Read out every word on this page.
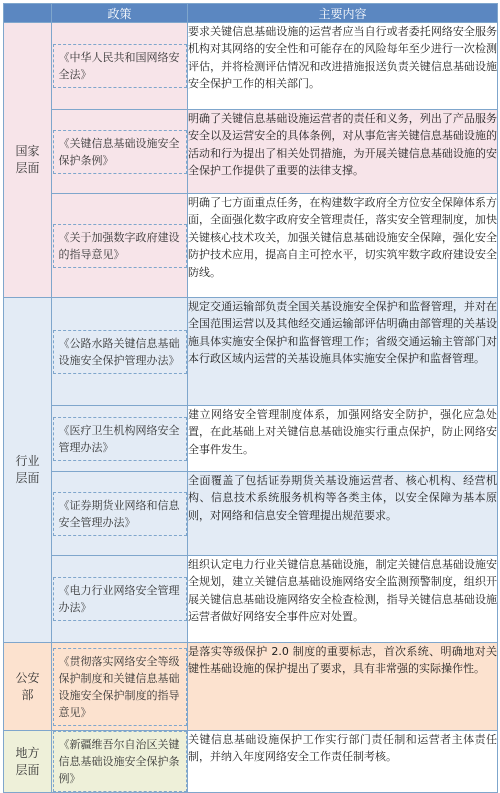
	政策	主要内容
国家层面	《中华人民共和国网络安全法》	要求关键信息基础设施的运营者应当自行或者委托网络安全服务机构对其网络的安全性和可能存在的风险每年至少进行一次检测评估，并将检测评估情况和改进措施报送负责关键信息基础设施安全保护工作的相关部门。
	《关键信息基础设施安全保护条例》	明确了关键信息基础设施运营者的责任和义务，列出了产品服务安全以及运营安全的具体条例，对从事危害关键信息基础设施的活动和行为提出了相关处罚措施，为开展关键信息基础设施的安全保护工作提供了重要的法律支撑。
	《关于加强数字政府建设的指导意见》	明确了七方面重点任务，在构建数字政府全方位安全保障体系方面，全面强化数字政府安全管理责任，落实安全管理制度，加快关键核心技术攻关，加强关键信息基础设施安全保障，强化安全防护技术应用，提高自主可控水平，切实筑牢数字政府建设安全防线。
行业层面	《公路水路关键信息基础设施安全保护管理办法》	规定交通运输部负责全国关基设施安全保护和监督管理，并对在全国范围运营以及其他经交通运输部评估明确由部管理的关基设施具体实施安全保护和监督管理工作；省级交通运输主管部门对本行政区域内运营的关基设施具体实施安全保护和监督管理。
	《医疗卫生机构网络安全管理办法》	建立网络安全管理制度体系，加强网络安全防护，强化应急处置，在此基础上对关键信息基础设施实行重点保护，防止网络安全事件发生。
	《证券期货业网络和信息安全管理办法》	全面覆盖了包括证券期货关基设施运营者、核心机构、经营机构、信息技术系统服务机构等各类主体，以安全保障为基本原则，对网络和信息安全管理提出规范要求。
	《电力行业网络安全管理办法》	组织认定电力行业关键信息基础设施，制定关键信息基础设施安全规划，建立关键信息基础设施网络安全监测预警制度，组织开展关键信息基础设施网络安全检查检测，指导关键信息基础设施运营者做好网络安全事件应对处置。
公安部	《贯彻落实网络安全等级保护制度和关键信息基础设施安全保护制度的指导意见》	是落实等级保护 2.0 制度的重要标志，首次系统、明确地对关键性基础设施的保护提出了要求，具有非常强的实际操作性。
地方层面	《新疆维吾尔自治区关键信息基础设施安全保护条例》	关键信息基础设施保护工作实行部门责任制和运营者主体责任制，并纳入年度网络安全工作责任制考核。
